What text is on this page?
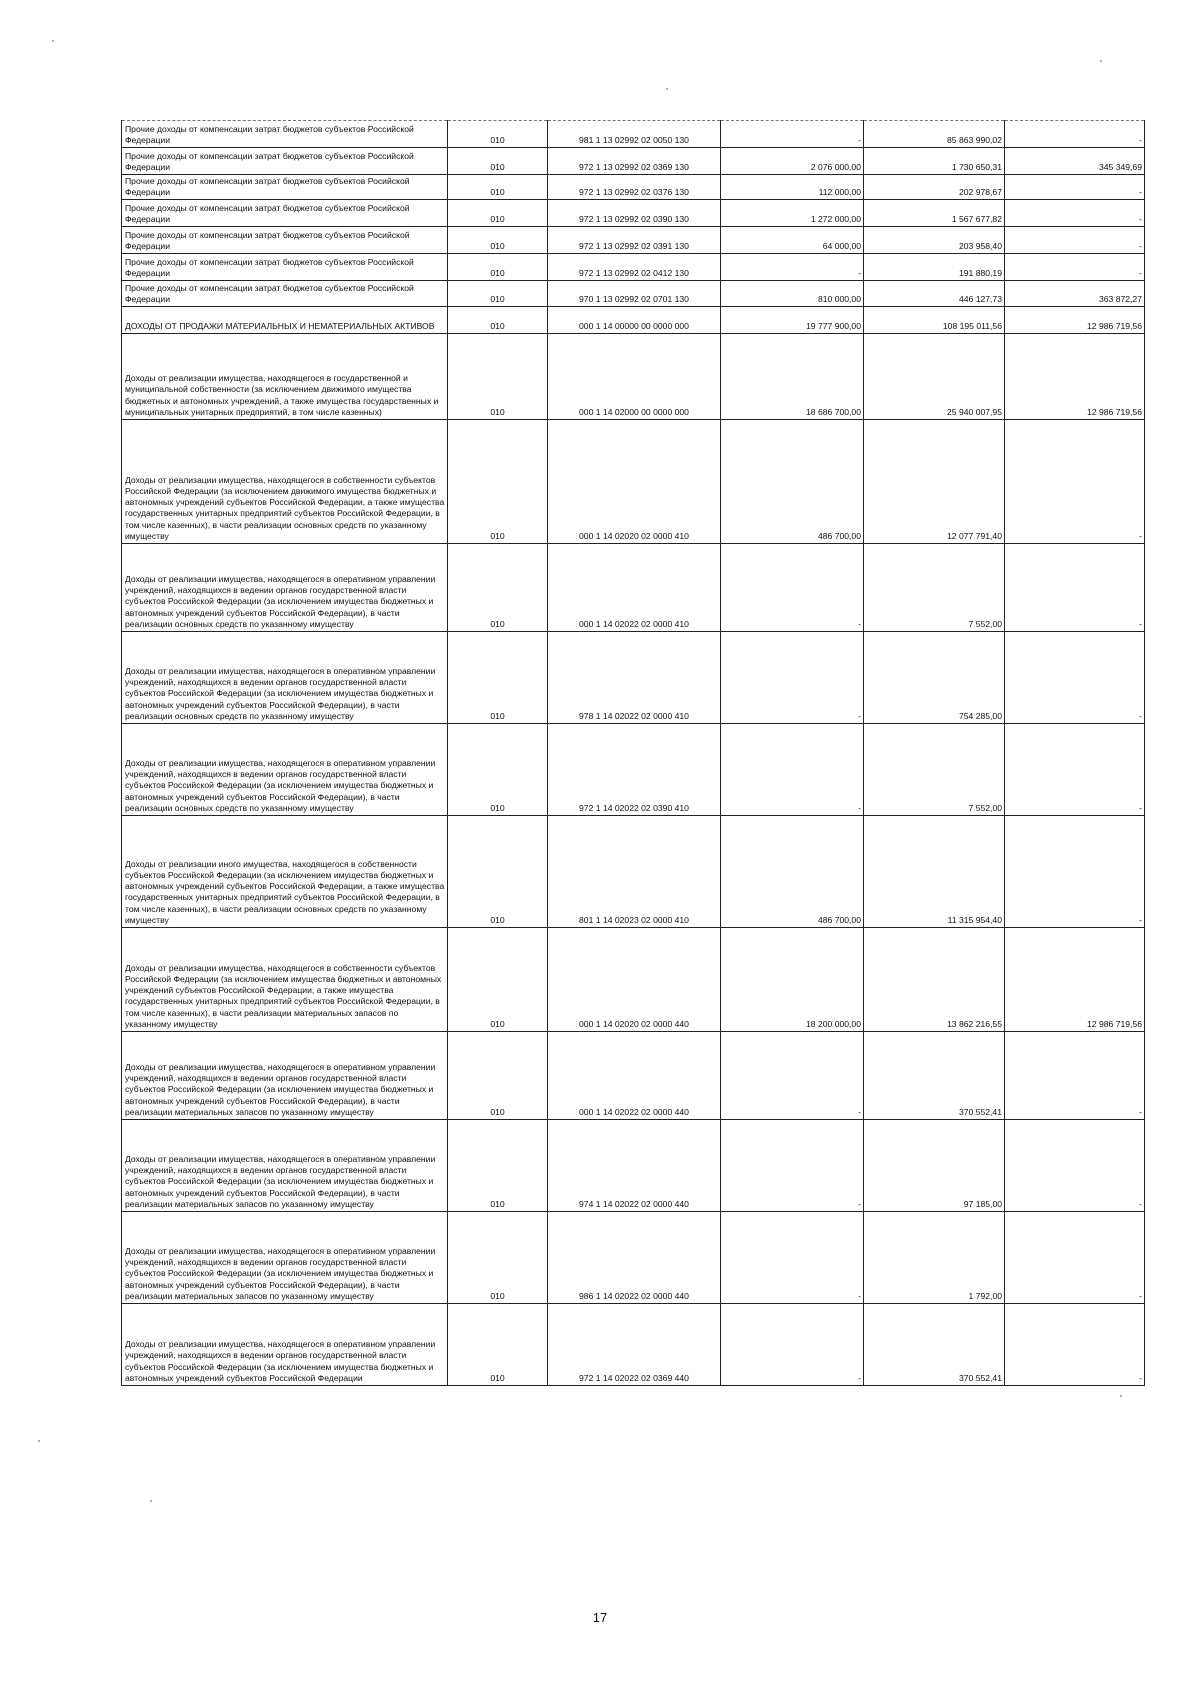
Прочие доходы от компенсации затрат бюджетов субъектов Российской Федерации	010	981 1 13 02992 02 0050 130	-	85 863 990,02	-
Прочие доходы от компенсации затрат бюджетов субъектов Российской Федерации	010	972 1 13 02992 02 0369 130	2 076 000,00	1 730 650,31	345 349,69
Прочие доходы от компенсации затрат бюджетов субъектов Росийской Федерации	010	972 1 13 02992 02 0376 130	112 000,00	202 978,67	-
Прочие доходы от компенсации затрат бюджетов субъектов Росийской Федерации	010	972 1 13 02992 02 0390 130	1 272 000,00	1 567 677,82	-
Прочие доходы от компенсации затрат бюджетов субъектов Росийской Федерации	010	972 1 13 02992 02 0391 130	64 000,00	203 958,40	-
Прочие доходы от компенсации затрат бюджетов субъектов Российской Федерации	010	972 1 13 02992 02 0412 130	-	191 880,19	-
Прочие доходы от компенсации затрат бюджетов субъектов Российской Федерации	010	970 1 13 02992 02 0701 130	810 000,00	446 127,73	363 872,27
ДОХОДЫ ОТ ПРОДАЖИ МАТЕРИАЛЬНЫХ И НЕМАТЕРИАЛЬНЫХ АКТИВОВ	010	000 1 14 00000 00 0000 000	19 777 900,00	108 195 011,56	12 986 719,56
Доходы от реализации имущества, находящегося в государственной и муниципальной собственности (за исключением движимого имущества бюджетных и автономных учреждений, а также имущества государственных и муниципальных унитарных предприятий, в том числе казенных)	010	000 1 14 02000 00 0000 000	18 686 700,00	25 940 007,95	12 986 719,56
Доходы от реализации имущества, находящегося в собственности субъектов Российской Федерации (за исключением движимого имущества бюджетных и автономных учреждений субъектов Российской Федерации, а также имущества государственных унитарных предприятий субъектов Российской Федерации, в том числе казенных), в части реализации основных средств по указанному имуществу	010	000 1 14 02020 02 0000 410	486 700,00	12 077 791,40	-
Доходы от реализации имущества, находящегося в оперативном управлении учреждений, находящихся в ведении органов государственной власти субъектов Российской Федерации (за исключением имущества бюджетных и автономных учреждений субъектов Российской Федерации), в части реализации основных средств по указанному имуществу	010	000 1 14 02022 02 0000 410	-	7 552,00	-
Доходы от реализации имущества, находящегося в оперативном управлении учреждений, находящихся в ведении органов государственной власти субъектов Российской Федерации (за исключением имущества бюджетных и автономных учреждений субъектов Российской Федерации), в части реализации основных средств по указанному имуществу	010	978 1 14 02022 02 0000 410	-	754 285,00	-
Доходы от реализации имущества, находящегося в оперативном управлении учреждений, находящихся в ведении органов государственной власти субъектов Российской Федерации (за исключением имущества бюджетных и автономных учреждений субъектов Российской Федерации), в части реализации основных средств по указанному имуществу	010	972 1 14 02022 02 0390 410	-	7 552,00	-
Доходы от реализации иного имущества, находящегося в собственности субъектов Российской Федерации (за исключением имущества бюджетных и автономных учреждений субъектов Российской Федерации, а также имущества государственных унитарных предприятий субъектов Российской Федерации, в том числе казенных), в части реализации основных средств по указанному имуществу	010	801 1 14 02023 02 0000 410	486 700,00	11 315 954,40	-
Доходы от реализации имущества, находящегося в собственности субъектов Российской Федерации (за исключением имущества бюджетных и автономных учреждений субъектов Российской Федерации, а также имущества государственных унитарных предприятий субъектов Российской Федерации, в том числе казенных), в части реализации материальных запасов по указанному имуществу	010	000 1 14 02020 02 0000 440	18 200 000,00	13 862 216,55	12 986 719,56
Доходы от реализации имущества, находящегося в оперативном управлении учреждений, находящихся в ведении органов государственной власти субъектов Российской Федерации (за исключением имущества бюджетных и автономных учреждений субъектов Российской Федерации), в части реализации материальных запасов по указанному имуществу	010	000 1 14 02022 02 0000 440	-	370 552,41	-
Доходы от реализации имущества, находящегося в оперативном управлении учреждений, находящихся в ведении органов государственной власти субъектов Российской Федерации (за исключением имущества бюджетных и автономных учреждений субъектов Российской Федерации), в части реализации материальных запасов по указанному имуществу	010	974 1 14 02022 02 0000 440	-	97 185,00	-
Доходы от реализации имущества, находящегося в оперативном управлении учреждений, находящихся в ведении органов государственной власти субъектов Российской Федерации (за исключением имущества бюджетных и автономных учреждений субъектов Российской Федерации), в части реализации материальных запасов по указанному имуществу	010	986 1 14 02022 02 0000 440	-	1 792,00	-
Доходы от реализации имущества, находящегося в оперативном управлении учреждений, находящихся в ведении органов государственной власти субъектов Российской Федерации (за исключением имущества бюджетных и автономных учреждений субъектов Российской Федерации	010	972 1 14 02022 02 0369 440	-	370 552,41	-
17
